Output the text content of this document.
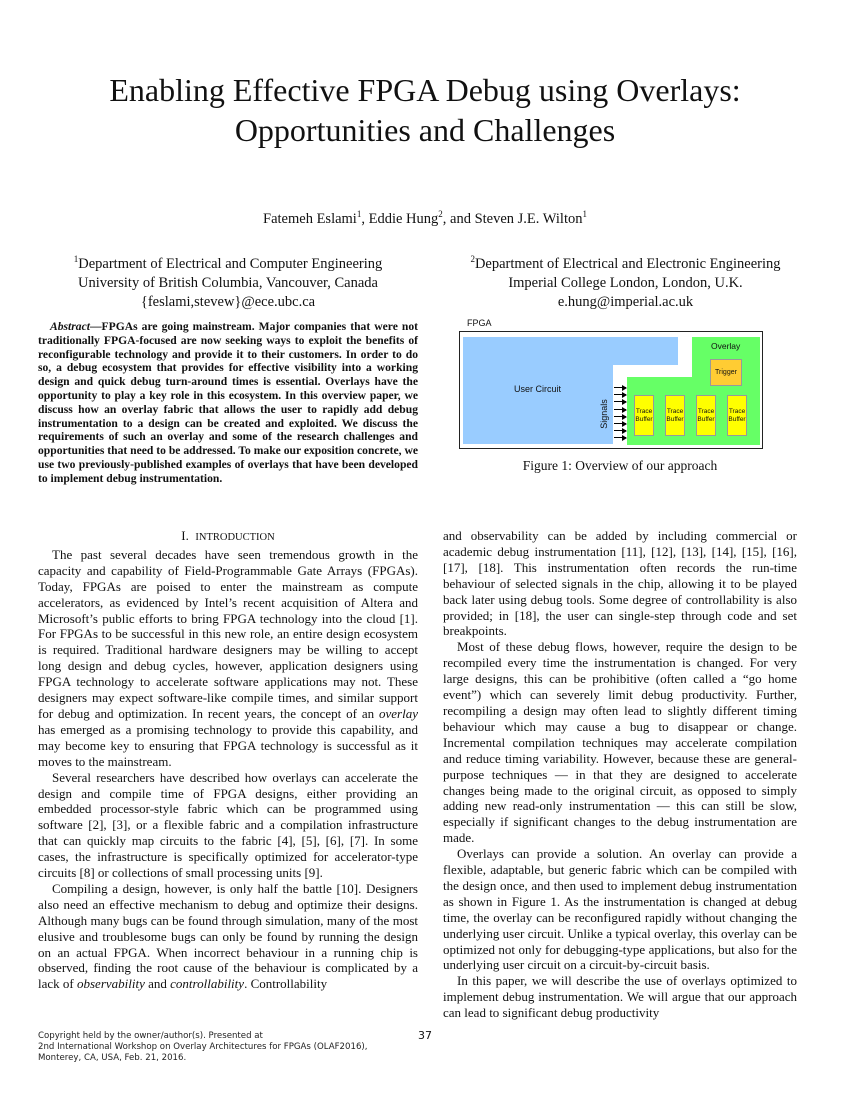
Enabling Effective FPGA Debug using Overlays:
Opportunities and Challenges
Fatemeh Eslami$^1$, Eddie Hung$^2$, and Steven J.E. Wilton$^1$
$^1$Department of Electrical and Computer Engineering
University of British Columbia, Vancouver, Canada
{feslami,stevew}@ece.ubc.ca
$^2$Department of Electrical and Electronic Engineering
Imperial College London, London, U.K.
e.hung@imperial.ac.uk
Abstract—FPGAs are going mainstream. Major companies that were not traditionally FPGA-focused are now seeking ways to exploit the benefits of reconfigurable technology and provide it to their customers. In order to do so, a debug ecosystem that provides for effective visibility into a working design and quick debug turn-around times is essential. Overlays have the opportunity to play a key role in this ecosystem. In this overview paper, we discuss how an overlay fabric that allows the user to rapidly add debug instrumentation to a design can be created and exploited. We discuss the requirements of such an overlay and some of the research challenges and opportunities that need to be addressed. To make our exposition concrete, we use two previously-published examples of overlays that have been developed to implement debug instrumentation.
FPGA
User Circuit
Overlay
Trigger
Trace
Buffer
Trace
Buffer
Trace
Buffer
Trace
Buffer
Signals
Figure 1: Overview of our approach

I. INTRODUCTION

The past several decades have seen tremendous growth in the capacity and capability of Field-Programmable Gate Arrays (FPGAs). Today, FPGAs are poised to enter the mainstream as compute accelerators, as evidenced by Intel’s recent acquisition of Altera and Microsoft’s public efforts to bring FPGA technology into the cloud [1]. For FPGAs to be successful in this new role, an entire design ecosystem is required. Traditional hardware designers may be willing to accept long design and debug cycles, however, application designers using FPGA technology to accelerate software applications may not. These designers may expect software-like compile times, and similar support for debug and optimization. In recent years, the concept of an overlay has emerged as a promising technology to provide this capability, and may become key to ensuring that FPGA technology is successful as it moves to the mainstream.

Several researchers have described how overlays can accelerate the design and compile time of FPGA designs, either providing an embedded processor-style fabric which can be programmed using software [2], [3], or a flexible fabric and a compilation infrastructure that can quickly map circuits to the fabric [4], [5], [6], [7]. In some cases, the infrastructure is specifically optimized for accelerator-type circuits [8] or collections of small processing units [9].

Compiling a design, however, is only half the battle [10]. Designers also need an effective mechanism to debug and optimize their designs. Although many bugs can be found through simulation, many of the most elusive and troublesome bugs can only be found by running the design on an actual FPGA. When incorrect behaviour in a running chip is observed, finding the root cause of the behaviour is complicated by a lack of observability and controllability. Controllability

and observability can be added by including commercial or academic debug instrumentation [11], [12], [13], [14], [15], [16], [17], [18]. This instrumentation often records the run-time behaviour of selected signals in the chip, allowing it to be played back later using debug tools. Some degree of controllability is also provided; in [18], the user can single-step through code and set breakpoints.

Most of these debug flows, however, require the design to be recompiled every time the instrumentation is changed. For very large designs, this can be prohibitive (often called a “go home event”) which can severely limit debug productivity. Further, recompiling a design may often lead to slightly different timing behaviour which may cause a bug to disappear or change. Incremental compilation techniques may accelerate compilation and reduce timing variability. However, because these are general-purpose techniques — in that they are designed to accelerate changes being made to the original circuit, as opposed to simply adding new read-only instrumentation — this can still be slow, especially if significant changes to the debug instrumentation are made.

Overlays can provide a solution. An overlay can provide a flexible, adaptable, but generic fabric which can be compiled with the design once, and then used to implement debug instrumentation as shown in Figure 1. As the instrumentation is changed at debug time, the overlay can be reconfigured rapidly without changing the underlying user circuit. Unlike a typical overlay, this overlay can be optimized not only for debugging-type applications, but also for the underlying user circuit on a circuit-by-circuit basis.

In this paper, we will describe the use of overlays optimized to implement debug instrumentation. We will argue that our approach can lead to significant debug productivity

Copyright held by the owner/author(s). Presented at
2nd International Workshop on Overlay Architectures for FPGAs (OLAF2016),
Monterey, CA, USA, Feb. 21, 2016.
37
